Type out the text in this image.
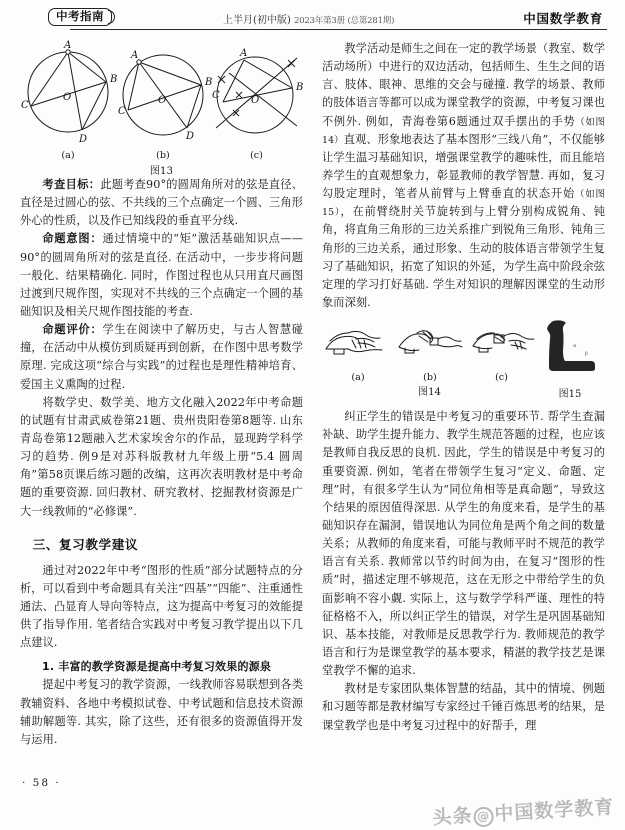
中考指南	上半月(初中版) 2023年第3册 (总第281期)	中国数学教育
A
B
C
D
O
A
B
C
D
O
A
B
C	O
(a)	(b)	(c)
图13

考查目标：此题考查90°的圆周角所对的弦是直径、直径是过圆心的弦、不共线的三个点确定一个圆、三角形外心的性质，以及作已知线段的垂直平分线.

命题意图：通过情境中的“矩”激活基础知识点——90°的圆周角所对的弦是直径. 在活动中，一步步将问题一般化、结果精确化. 同时，作图过程也从只用直尺画图过渡到尺规作图，实现对不共线的三个点确定一个圆的基础知识及相关尺规作图技能的考查.

命题评价：学生在阅读中了解历史，与古人智慧碰撞，在活动中从模仿到质疑再到创新，在作图中思考数学原理. 完成这项“综合与实践”的过程也是理性精神培育、爱国主义熏陶的过程.

将数学史、数学美、地方文化融入2022年中考命题的试题有甘肃武威卷第21题、贵州贵阳卷第8题等. 山东青岛卷第12题融入艺术家埃舍尔的作品，显现跨学科学习的趋势. 例9是对苏科版教材九年级上册“5.4 圆周角”第58页课后练习题的改编，这再次表明教材是中考命题的重要资源. 回归教材、研究教材、挖掘教材资源是广大一线教师的“必修课”.

三、复习教学建议

通过对2022年中考“图形的性质”部分试题特点的分析，可以看到中考命题具有关注“四基”“四能”、注重通性通法、凸显育人导向等特点，这为提高中考复习的效能提供了指导作用. 笔者结合实践对中考复习教学提出以下几点建议.

1. 丰富的教学资源是提高中考复习效果的源泉

提起中考复习的教学资源，一线教师容易联想到各类教辅资料、各地中考模拟试卷、中考试题和信息技术资源辅助解题等. 其实，除了这些，还有很多的资源值得开发与运用.

· 58 ·

教学活动是师生之间在一定的教学场景（教室、数学活动场所）中进行的双边活动，包括师生、生生之间的语言、肢体、眼神、思维的交会与碰撞. 教学的场景、教师的肢体语言等都可以成为课堂教学的资源，中考复习课也不例外. 例如，青海卷第6题通过双手摆出的手势（如图14）直观、形象地表达了基本图形“三线八角”，不仅能够让学生温习基础知识，增强课堂教学的趣味性，而且能培养学生的直观想象力，彰显教师的教学智慧. 再如，复习勾股定理时，笔者从前臂与上臂垂直的状态开始（如图15），在前臂绕肘关节旋转到与上臂分别构成锐角、钝角，将直角三角形的三边关系推广到锐角三角形、钝角三角形的三边关系，通过形象、生动的肢体语言带领学生复习了基础知识，拓宽了知识的外延，为学生高中阶段余弦定理的学习打好基础. 学生对知识的理解因课堂的生动形象而深刻.

α
β
(a)	(b)	(c)
图14	图15

纠正学生的错误是中考复习的重要环节. 帮学生查漏补缺、助学生提升能力、教学生规范答题的过程，也应该是教师自我反思的良机. 因此，学生的错误是中考复习的重要资源. 例如，笔者在带领学生复习“定义、命题、定理”时，有很多学生认为“同位角相等是真命题”，导致这个结果的原因值得深思. 从学生的角度来看，是学生的基础知识存在漏洞，错误地认为同位角是两个角之间的数量关系；从教师的角度来看，可能与教师平时不规范的教学语言有关系. 教师常以节约时间为由，在复习“图形的性质”时，描述定理不够规范，这在无形之中带给学生的负面影响不容小觑. 实际上，这与数学学科严谨、理性的特征格格不入，所以纠正学生的错误，对学生是巩固基础知识、基本技能，对教师是反思教学行为. 教师规范的教学语言和行为是课堂教学的基本要求，精湛的教学技艺是课堂教学不懈的追求.

教材是专家团队集体智慧的结晶，其中的情境、例题和习题等都是教材编写专家经过千锤百炼思考的结果，是课堂教学也是中考复习过程中的好帮手，理

头条 @ 中国数学教育
